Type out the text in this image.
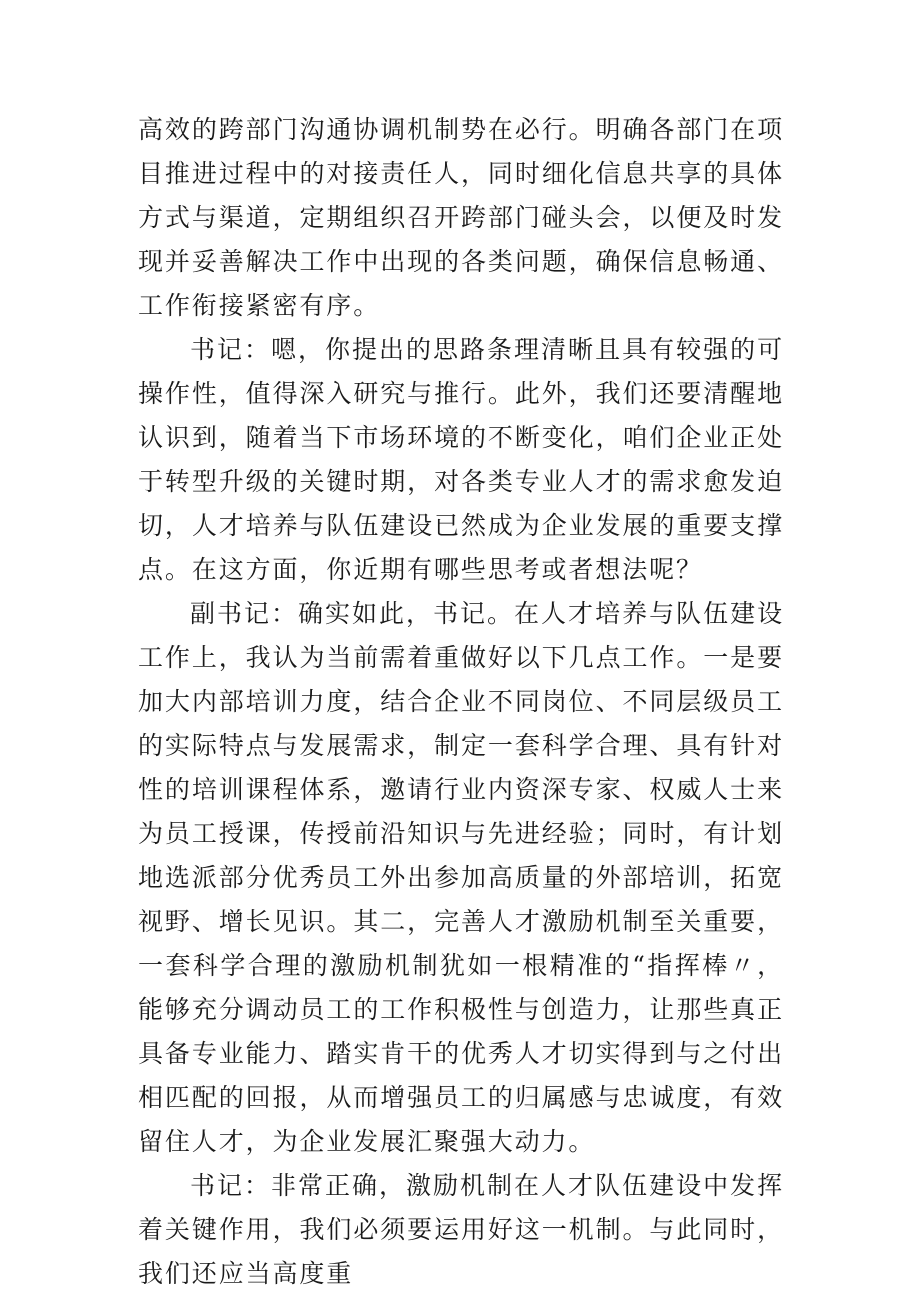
高效的跨部门沟通协调机制势在必行。明确各部门在项目推进过程中的对接责任人，同时细化信息共享的具体方式与渠道，定期组织召开跨部门碰头会，以便及时发现并妥善解决工作中出现的各类问题，确保信息畅通、工作衔接紧密有序。

书记：嗯，你提出的思路条理清晰且具有较强的可操作性，值得深入研究与推行。此外，我们还要清醒地认识到，随着当下市场环境的不断变化，咱们企业正处于转型升级的关键时期，对各类专业人才的需求愈发迫切，人才培养与队伍建设已然成为企业发展的重要支撑点。在这方面，你近期有哪些思考或者想法呢？

副书记：确实如此，书记。在人才培养与队伍建设工作上，我认为当前需着重做好以下几点工作。一是要加大内部培训力度，结合企业不同岗位、不同层级员工的实际特点与发展需求，制定一套科学合理、具有针对性的培训课程体系，邀请行业内资深专家、权威人士来为员工授课，传授前沿知识与先进经验；同时，有计划地选派部分优秀员工外出参加高质量的外部培训，拓宽视野、增长见识。其二，完善人才激励机制至关重要，一套科学合理的激励机制犹如一根精准的“指挥棒〃，能够充分调动员工的工作积极性与创造力，让那些真正具备专业能力、踏实肯干的优秀人才切实得到与之付出相匹配的回报，从而增强员工的归属感与忠诚度，有效留住人才，为企业发展汇聚强大动力。

书记：非常正确，激励机制在人才队伍建设中发挥着关键作用，我们必须要运用好这一机制。与此同时，我们还应当高度重
